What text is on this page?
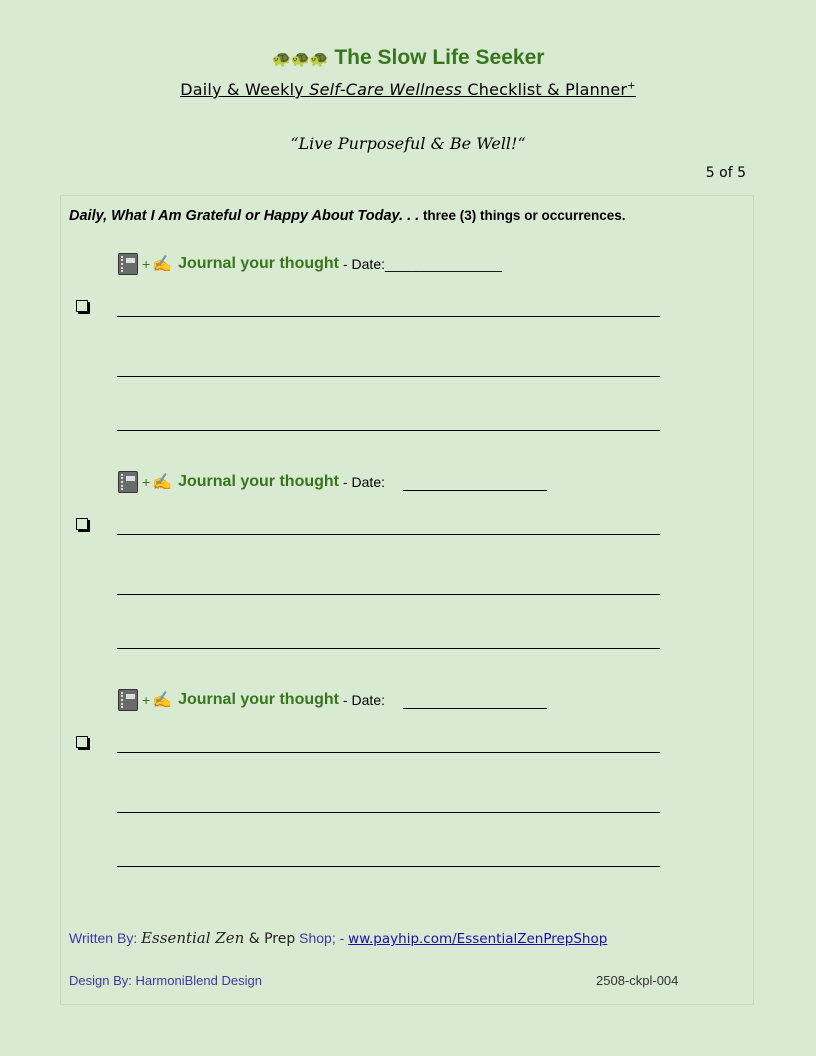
🐢🐢🐢 The Slow Life Seeker
Daily & Weekly Self-Care Wellness Checklist & Planner+
“Live Purposeful & Be Well!“
5 of 5
Daily, What I Am Grateful or Happy About Today. . . three (3) things or occurrences.
+ ✍ Journal your thought - Date: _______________
+ ✍ Journal your thought - Date:
+ ✍ Journal your thought - Date:
Written By: Essential Zen & Prep Shop; - ww.payhip.com/EssentialZenPrepShop
Design By: HarmoniBlend Design	2508-ckpl-004
